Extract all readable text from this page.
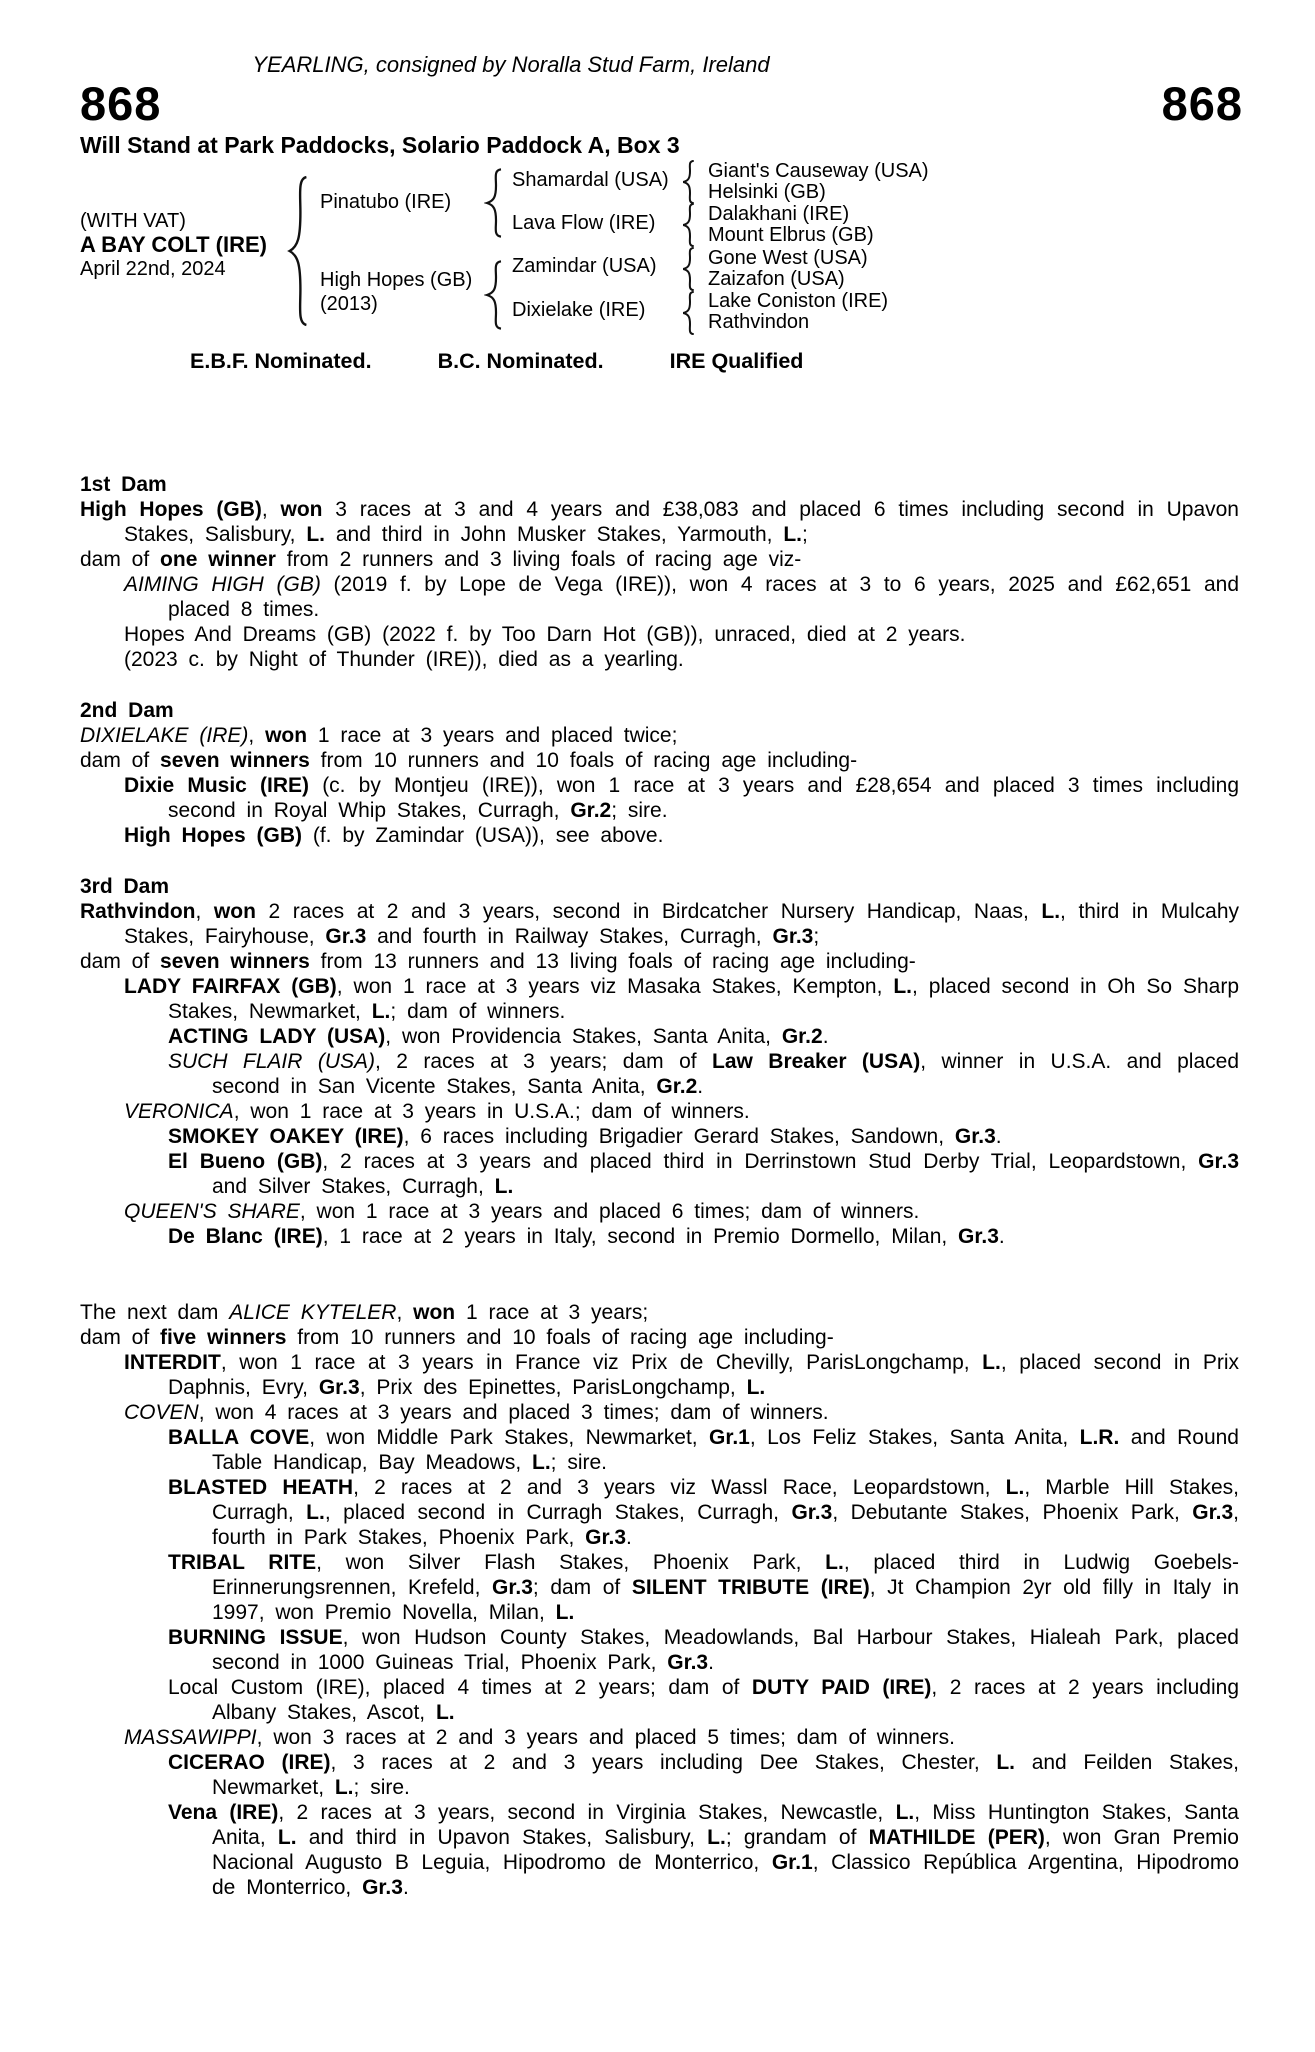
YEARLING, consigned by Noralla Stud Farm, Ireland
868	868
Will Stand at Park Paddocks, Solario Paddock A, Box 3
(WITH VAT)
A BAY COLT (IRE)
April 22nd, 2024
Pinatubo (IRE)
High Hopes (GB)
(2013)
Shamardal (USA)
Lava Flow (IRE)
Zamindar (USA)
Dixielake (IRE)
Giant's Causeway (USA)
Helsinki (GB)
Dalakhani (IRE)
Mount Elbrus (GB)
Gone West (USA)
Zaizafon (USA)
Lake Coniston (IRE)
Rathvindon
E.B.F. Nominated.	B.C. Nominated.	IRE Qualified
1st Dam
High Hopes (GB), won 3 races at 3 and 4 years and £38,083 and placed 6 times including second in Upavon Stakes, Salisbury, L. and third in John Musker Stakes, Yarmouth, L.;
dam of one winner from 2 runners and 3 living foals of racing age viz-
AIMING HIGH (GB) (2019 f. by Lope de Vega (IRE)), won 4 races at 3 to 6 years, 2025 and £62,651 and placed 8 times.
Hopes And Dreams (GB) (2022 f. by Too Darn Hot (GB)), unraced, died at 2 years.
(2023 c. by Night of Thunder (IRE)), died as a yearling.
2nd Dam
DIXIELAKE (IRE), won 1 race at 3 years and placed twice;
dam of seven winners from 10 runners and 10 foals of racing age including-
Dixie Music (IRE) (c. by Montjeu (IRE)), won 1 race at 3 years and £28,654 and placed 3 times including second in Royal Whip Stakes, Curragh, Gr.2; sire.
High Hopes (GB) (f. by Zamindar (USA)), see above.
3rd Dam
Rathvindon, won 2 races at 2 and 3 years, second in Birdcatcher Nursery Handicap, Naas, L., third in Mulcahy Stakes, Fairyhouse, Gr.3 and fourth in Railway Stakes, Curragh, Gr.3;
dam of seven winners from 13 runners and 13 living foals of racing age including-
LADY FAIRFAX (GB), won 1 race at 3 years viz Masaka Stakes, Kempton, L., placed second in Oh So Sharp Stakes, Newmarket, L.; dam of winners.
ACTING LADY (USA), won Providencia Stakes, Santa Anita, Gr.2.
SUCH FLAIR (USA), 2 races at 3 years; dam of Law Breaker (USA), winner in U.S.A. and placed second in San Vicente Stakes, Santa Anita, Gr.2.
VERONICA, won 1 race at 3 years in U.S.A.; dam of winners.
SMOKEY OAKEY (IRE), 6 races including Brigadier Gerard Stakes, Sandown, Gr.3.
El Bueno (GB), 2 races at 3 years and placed third in Derrinstown Stud Derby Trial, Leopardstown, Gr.3 and Silver Stakes, Curragh, L.
QUEEN'S SHARE, won 1 race at 3 years and placed 6 times; dam of winners.
De Blanc (IRE), 1 race at 2 years in Italy, second in Premio Dormello, Milan, Gr.3.
The next dam ALICE KYTELER, won 1 race at 3 years;
dam of five winners from 10 runners and 10 foals of racing age including-
INTERDIT, won 1 race at 3 years in France viz Prix de Chevilly, ParisLongchamp, L., placed second in Prix Daphnis, Evry, Gr.3, Prix des Epinettes, ParisLongchamp, L.
COVEN, won 4 races at 3 years and placed 3 times; dam of winners.
BALLA COVE, won Middle Park Stakes, Newmarket, Gr.1, Los Feliz Stakes, Santa Anita, L.R. and Round Table Handicap, Bay Meadows, L.; sire.
BLASTED HEATH, 2 races at 2 and 3 years viz Wassl Race, Leopardstown, L., Marble Hill Stakes, Curragh, L., placed second in Curragh Stakes, Curragh, Gr.3, Debutante Stakes, Phoenix Park, Gr.3, fourth in Park Stakes, Phoenix Park, Gr.3.
TRIBAL RITE, won Silver Flash Stakes, Phoenix Park, L., placed third in Ludwig Goebels-Erinnerungsrennen, Krefeld, Gr.3; dam of SILENT TRIBUTE (IRE), Jt Champion 2yr old filly in Italy in 1997, won Premio Novella, Milan, L.
BURNING ISSUE, won Hudson County Stakes, Meadowlands, Bal Harbour Stakes, Hialeah Park, placed second in 1000 Guineas Trial, Phoenix Park, Gr.3.
Local Custom (IRE), placed 4 times at 2 years; dam of DUTY PAID (IRE), 2 races at 2 years including Albany Stakes, Ascot, L.
MASSAWIPPI, won 3 races at 2 and 3 years and placed 5 times; dam of winners.
CICERAO (IRE), 3 races at 2 and 3 years including Dee Stakes, Chester, L. and Feilden Stakes, Newmarket, L.; sire.
Vena (IRE), 2 races at 3 years, second in Virginia Stakes, Newcastle, L., Miss Huntington Stakes, Santa Anita, L. and third in Upavon Stakes, Salisbury, L.; grandam of MATHILDE (PER), won Gran Premio Nacional Augusto B Leguia, Hipodromo de Monterrico, Gr.1, Classico República Argentina, Hipodromo de Monterrico, Gr.3.
